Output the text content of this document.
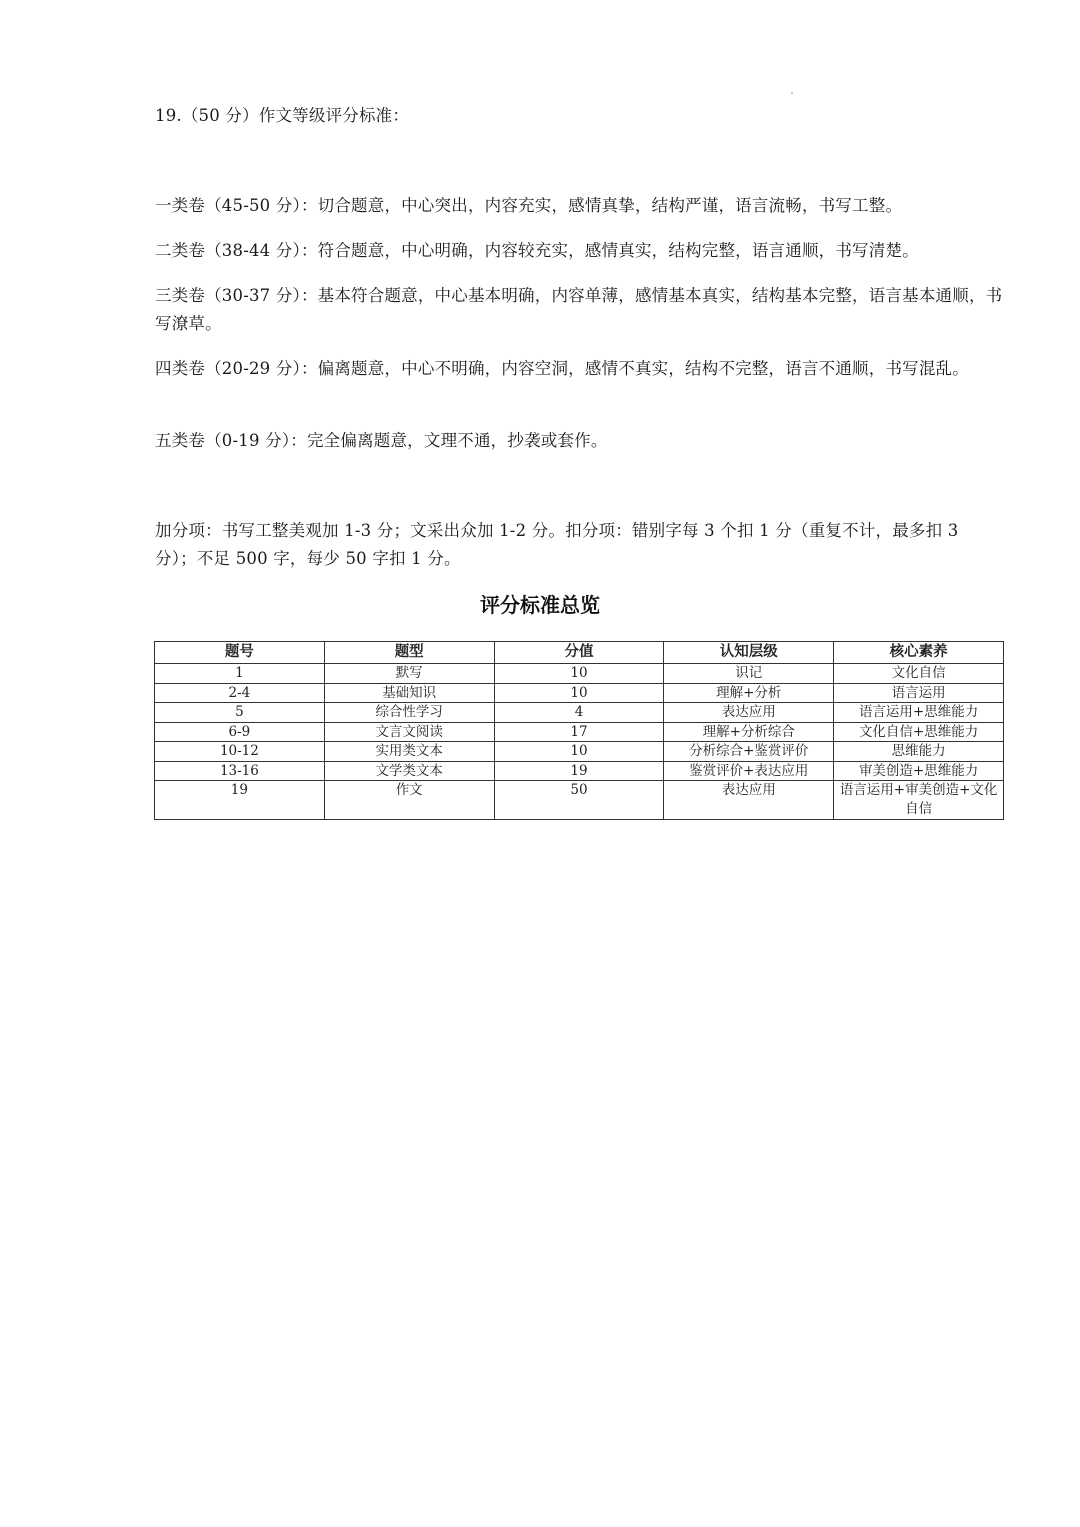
19.（50 分）作文等级评分标准：

一类卷（45-50 分）：切合题意，中心突出，内容充实，感情真挚，结构严谨，语言流畅，书写工整。

二类卷（38-44 分）：符合题意，中心明确，内容较充实，感情真实，结构完整，语言通顺，书写清楚。

三类卷（30-37 分）：基本符合题意，中心基本明确，内容单薄，感情基本真实，结构基本完整，语言基本通顺，书写潦草。

四类卷（20-29 分）：偏离题意，中心不明确，内容空洞，感情不真实，结构不完整，语言不通顺，书写混乱。

五类卷（0-19 分）：完全偏离题意，文理不通，抄袭或套作。

加分项：书写工整美观加 1-3 分；文采出众加 1-2 分。扣分项：错别字每 3 个扣 1 分（重复不计，最多扣 3 分）；不足 500 字，每少 50 字扣 1 分。

评分标准总览
题号	题型	分值	认知层级	核心素养
1	默写	10	识记	文化自信
2-4	基础知识	10	理解+分析	语言运用
5	综合性学习	4	表达应用	语言运用+思维能力
6-9	文言文阅读	17	理解+分析综合	文化自信+思维能力
10-12	实用类文本	10	分析综合+鉴赏评价	思维能力
13-16	文学类文本	19	鉴赏评价+表达应用	审美创造+思维能力
19	作文	50	表达应用	语言运用+审美创造+文化自信
